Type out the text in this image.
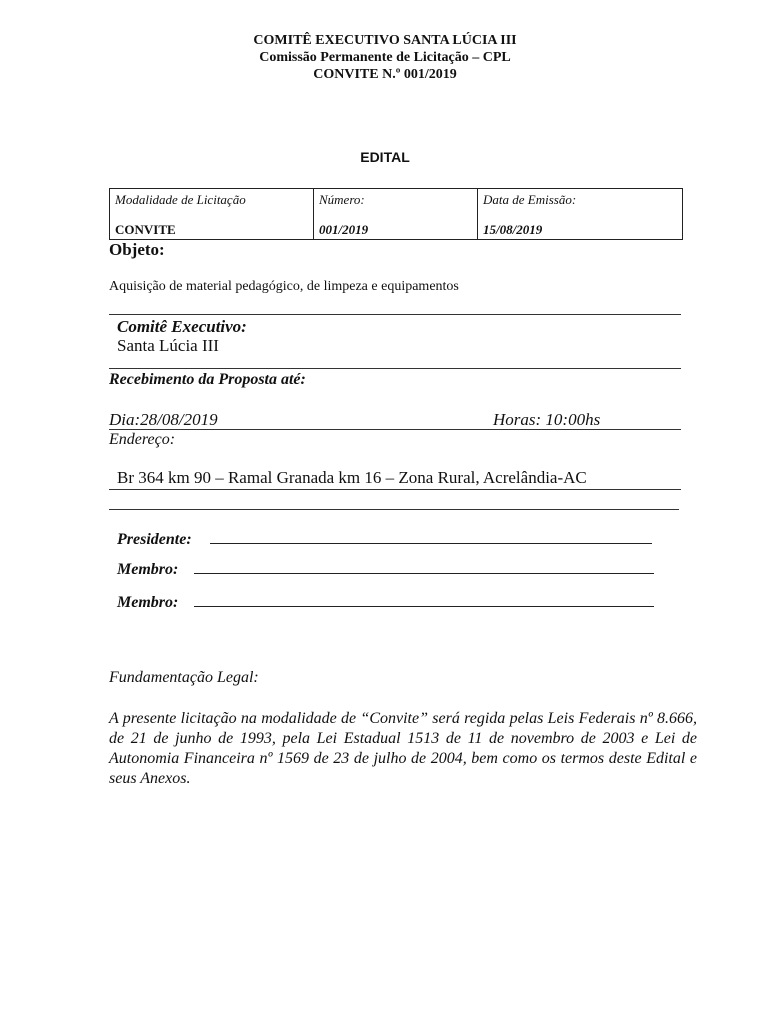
COMITÊ EXECUTIVO SANTA LÚCIA III
Comissão Permanente de Licitação – CPL
CONVITE N.º 001/2019
EDITAL
Modalidade de Licitação
CONVITE

Número:
001/2019

Data de Emissão:
15/08/2019
Objeto:
Aquisição de material pedagógico, de limpeza e equipamentos
Comitê Executivo:
Santa Lúcia III
Recebimento da Proposta até:
Dia:28/08/2019	Horas: 10:00hs
Endereço:
Br 364 km 90 – Ramal Granada km 16 – Zona Rural, Acrelândia-AC
Presidente:
Membro:
Membro:
Fundamentação Legal:
A presente licitação na modalidade de “Convite” será regida pelas Leis Federais nº 8.666, de 21 de junho de 1993, pela Lei Estadual 1513 de 11 de novembro de 2003 e Lei de Autonomia Financeira nº 1569 de 23 de julho de 2004, bem como os termos deste Edital e seus Anexos.
